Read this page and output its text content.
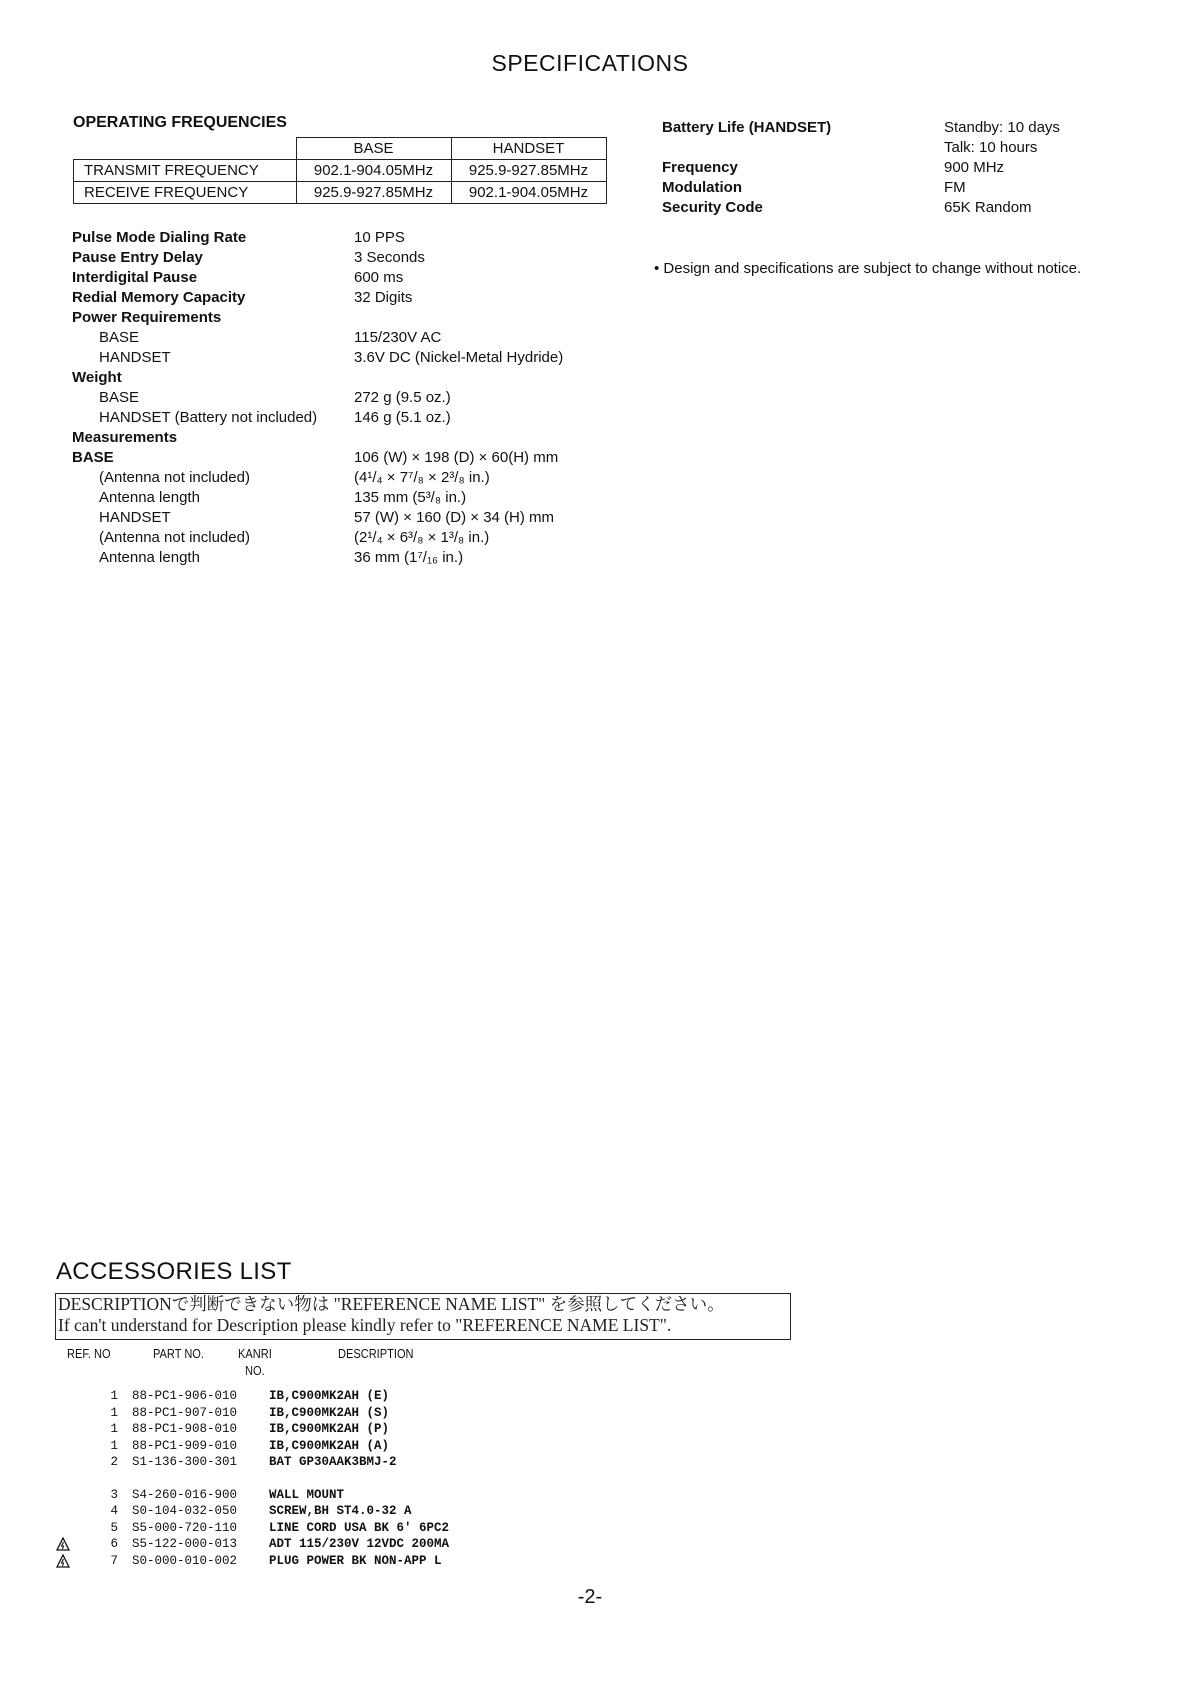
SPECIFICATIONS
OPERATING FREQUENCIES
	BASE	HANDSET
TRANSMIT FREQUENCY	902.1-904.05MHz	925.9-927.85MHz
RECEIVE FREQUENCY	925.9-927.85MHz	902.1-904.05MHz
Pulse Mode Dialing Rate	10 PPS
Pause Entry Delay	3 Seconds
Interdigital Pause	600 ms
Redial Memory Capacity	32 Digits
Power Requirements
BASE	115/230V AC
HANDSET	3.6V DC (Nickel-Metal Hydride)
Weight
BASE	272 g (9.5 oz.)
HANDSET (Battery not included) 146 g (5.1 oz.)
Measurements
BASE	106 (W) × 198 (D) × 60(H) mm
(Antenna not included)	(4¹/₄ × 7⁷/₈ × 2³/₈ in.)
Antenna length	135 mm (5³/₈ in.)
HANDSET	57 (W) × 160 (D) × 34 (H) mm
(Antenna not included)	(2¹/₄ × 6³/₈ × 1³/₈ in.)
Antenna length	36 mm (1⁷/₁₆ in.)
Battery Life (HANDSET)	Standby: 10 days
Talk: 10 hours
Frequency	900 MHz
Modulation	FM
Security Code	65K Random
• Design and specifications are subject to change without notice.
ACCESSORIES LIST
DESCRIPTIONで判断できない物は "REFERENCE NAME LIST" を参照してください。
If can't understand for Description please kindly refer to "REFERENCE NAME LIST".
REF. NO	PART NO.	KANRI
NO.
DESCRIPTION
1 88-PC1-906-010	IB,C900MK2AH (E)
1 88-PC1-907-010	IB,C900MK2AH (S)
1 88-PC1-908-010	IB,C900MK2AH (P)
1 88-PC1-909-010	IB,C900MK2AH (A)
2 S1-136-300-301	BAT GP30AAK3BMJ-2
3 S4-260-016-900	WALL MOUNT
4 S0-104-032-050	SCREW,BH ST4.0-32 A
5 S5-000-720-110	LINE CORD USA BK 6' 6PC2
6 S5-122-000-013	ADT 115/230V 12VDC 200MA
7 S0-000-010-002	PLUG POWER BK NON-APP L
-2-
